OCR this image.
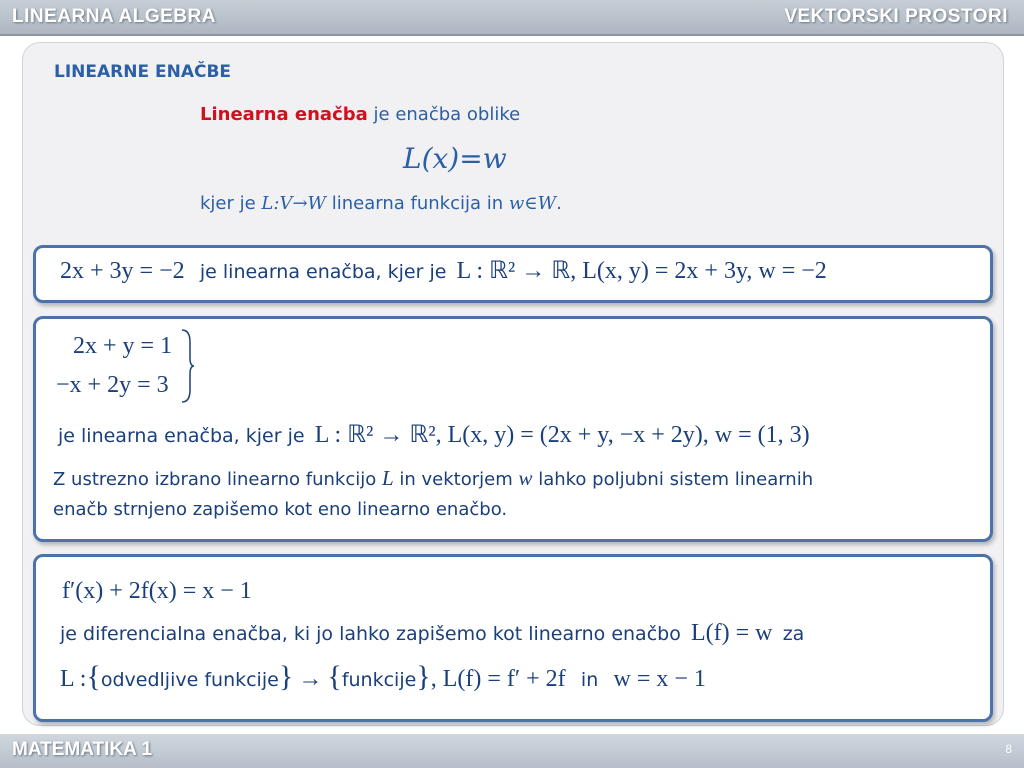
LINEARNA ALGEBRA	VEKTORSKI PROSTORI
LINEARNE ENAČBE
Linearna enačba je enačba oblike
L(x)=w
kjer je L:V→W linearna funkcija in w∈W.
2x + 3y = −2 je linearna enačba, kjer je L : ℝ² → ℝ, L(x, y) = 2x + 3y, w = −2
2x + y = 1
−x + 2y = 3
je linearna enačba, kjer je L : ℝ² → ℝ², L(x, y) = (2x + y, −x + 2y), w = (1, 3)
Z ustrezno izbrano linearno funkcijo L in vektorjem w lahko poljubni sistem linearnih
enačb strnjeno zapišemo kot eno linearno enačbo.
f′(x) + 2f(x) = x − 1
je diferencialna enačba, ki jo lahko zapišemo kot linearno enačbo L(f) = w za
L :{odvedljive funkcije} → {funkcije}, L(f) = f′ + 2f in w = x − 1
MATEMATIKA 1	8
